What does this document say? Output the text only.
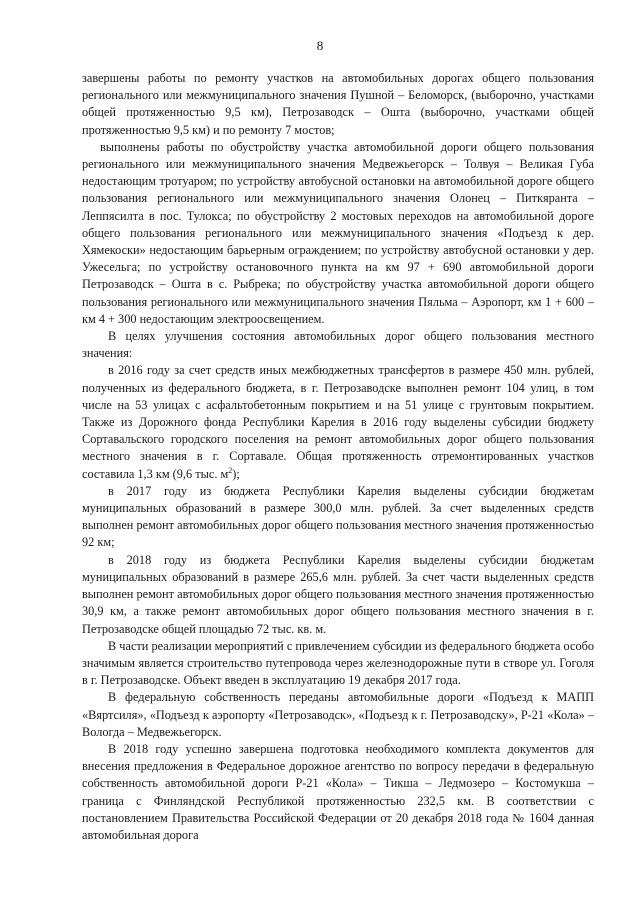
8

завершены работы по ремонту участков на автомобильных дорогах общего пользования регионального или межмуниципального значения Пушной – Беломорск, (выборочно, участками общей протяженностью 9,5 км), Петрозаводск – Ошта (выборочно, участками общей протяженностью 9,5 км) и по ремонту 7 мостов;

выполнены работы по обустройству участка автомобильной дороги общего пользования регионального или межмуниципального значения Медвежьегорск – Толвуя – Великая Губа недостающим тротуаром; по устройству автобусной остановки на автомобильной дороге общего пользования регионального или межмуниципального значения Олонец – Питкяранта – Леппясилта в пос. Тулокса; по обустройству 2 мостовых переходов на автомобильной дороге общего пользования регионального или межмуниципального значения «Подъезд к дер. Хямекоски» недостающим барьерным ограждением; по устройству автобусной остановки у дер. Ужесельга; по устройству остановочного пункта на км 97 + 690 автомобильной дороги Петрозаводск – Ошта в с. Рыбрека; по обустройству участка автомобильной дороги общего пользования регионального или межмуниципального значения Пяльма – Аэропорт, км 1 + 600 – км 4 + 300 недостающим электроосвещением.

В целях улучшения состояния автомобильных дорог общего пользования местного значения:

в 2016 году за счет средств иных межбюджетных трансфертов в размере 450 млн. рублей, полученных из федерального бюджета, в г. Петрозаводске выполнен ремонт 104 улиц, в том числе на 53 улицах с асфальтобетонным покрытием и на 51 улице с грунтовым покрытием. Также из Дорожного фонда Республики Карелия в 2016 году выделены субсидии бюджету Сортавальского городского поселения на ремонт автомобильных дорог общего пользования местного значения в г. Сортавале. Общая протяженность отремонтированных участков составила 1,3 км (9,6 тыс. $м^2$);

в 2017 году из бюджета Республики Карелия выделены субсидии бюджетам муниципальных образований в размере 300,0 млн. рублей. За счет выделенных средств выполнен ремонт автомобильных дорог общего пользования местного значения протяженностью 92 км;

в 2018 году из бюджета Республики Карелия выделены субсидии бюджетам муниципальных образований в размере 265,6 млн. рублей. За счет части выделенных средств выполнен ремонт автомобильных дорог общего пользования местного значения протяженностью 30,9 км, а также ремонт автомобильных дорог общего пользования местного значения в г. Петрозаводске общей площадью 72 тыс. кв. м.

В части реализации мероприятий с привлечением субсидии из федерального бюджета особо значимым является строительство путепровода через железнодорожные пути в створе ул. Гоголя в г. Петрозаводске. Объект введен в эксплуатацию 19 декабря 2017 года.

В федеральную собственность переданы автомобильные дороги «Подъезд к МАПП «Вяртсиля», «Подъезд к аэропорту «Петрозаводск», «Подъезд к г. Петрозаводску», Р-21 «Кола» – Вологда – Медвежьегорск.

В 2018 году успешно завершена подготовка необходимого комплекта документов для внесения предложения в Федеральное дорожное агентство по вопросу передачи в федеральную собственность автомобильной дороги Р-21 «Кола» – Тикша – Ледмозеро – Костомукша – граница с Финляндской Республикой протяженностью 232,5 км. В соответствии с постановлением Правительства Российской Федерации от 20 декабря 2018 года № 1604 данная автомобильная дорога
